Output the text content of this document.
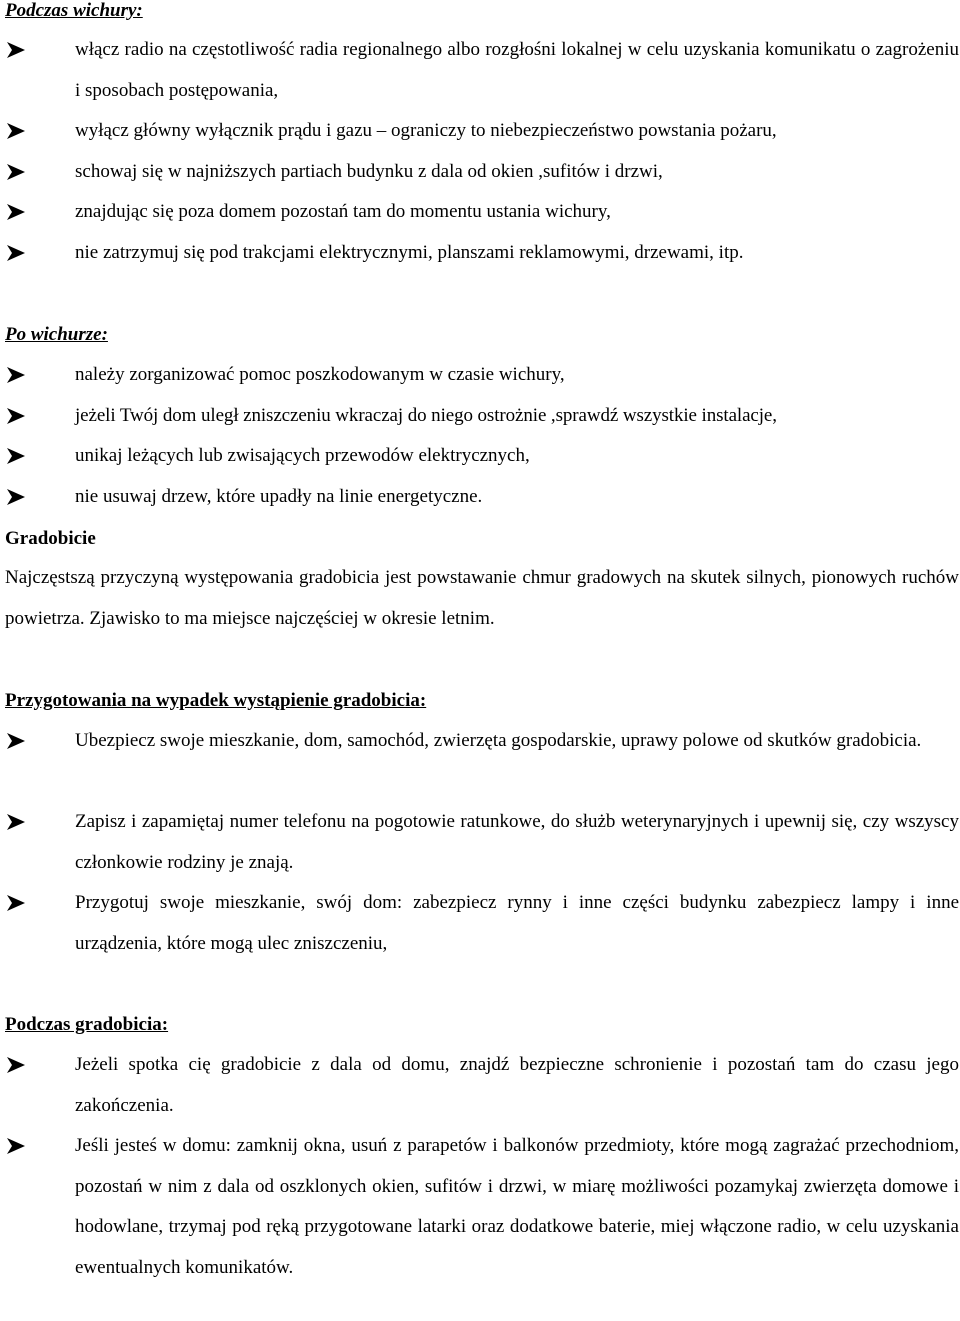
Podczas wichury:
włącz radio na częstotliwość radia regionalnego albo rozgłośni lokalnej w celu uzyskania komunikatu o zagrożeniu i sposobach postępowania,
wyłącz główny wyłącznik prądu i gazu – ograniczy to niebezpieczeństwo powstania pożaru,
schowaj się w najniższych partiach budynku z dala od okien ,sufitów i drzwi,
znajdując się poza domem pozostań tam do momentu ustania wichury,
nie zatrzymuj się pod trakcjami elektrycznymi, planszami reklamowymi, drzewami, itp.
Po wichurze:
należy zorganizować pomoc poszkodowanym w czasie wichury,
jeżeli Twój dom uległ zniszczeniu wkraczaj do niego ostrożnie ,sprawdź wszystkie instalacje,
unikaj leżących lub zwisających przewodów elektrycznych,
nie usuwaj drzew, które upadły na linie energetyczne.
Gradobicie

Najczęstszą przyczyną występowania gradobicia jest powstawanie chmur gradowych na skutek silnych, pionowych ruchów powietrza. Zjawisko to ma miejsce najczęściej w okresie letnim.

Przygotowania na wypadek wystąpienie gradobicia:
Ubezpiecz swoje mieszkanie, dom, samochód, zwierzęta gospodarskie, uprawy polowe od skutków gradobicia.
Zapisz i zapamiętaj numer telefonu na pogotowie ratunkowe, do służb weterynaryjnych i upewnij się, czy wszyscy członkowie rodziny je znają.
Przygotuj swoje mieszkanie, swój dom: zabezpiecz rynny i inne części budynku zabezpiecz lampy i inne urządzenia, które mogą ulec zniszczeniu,
Podczas gradobicia:
Jeżeli spotka cię gradobicie z dala od domu, znajdź bezpieczne schronienie i pozostań tam do czasu jego zakończenia.
Jeśli jesteś w domu: zamknij okna, usuń z parapetów i balkonów przedmioty, które mogą zagrażać przechodniom, pozostań w nim z dala od oszklonych okien, sufitów i drzwi, w miarę możliwości pozamykaj zwierzęta domowe i hodowlane, trzymaj pod ręką przygotowane latarki oraz dodatkowe baterie, miej włączone radio, w celu uzyskania ewentualnych komunikatów.
